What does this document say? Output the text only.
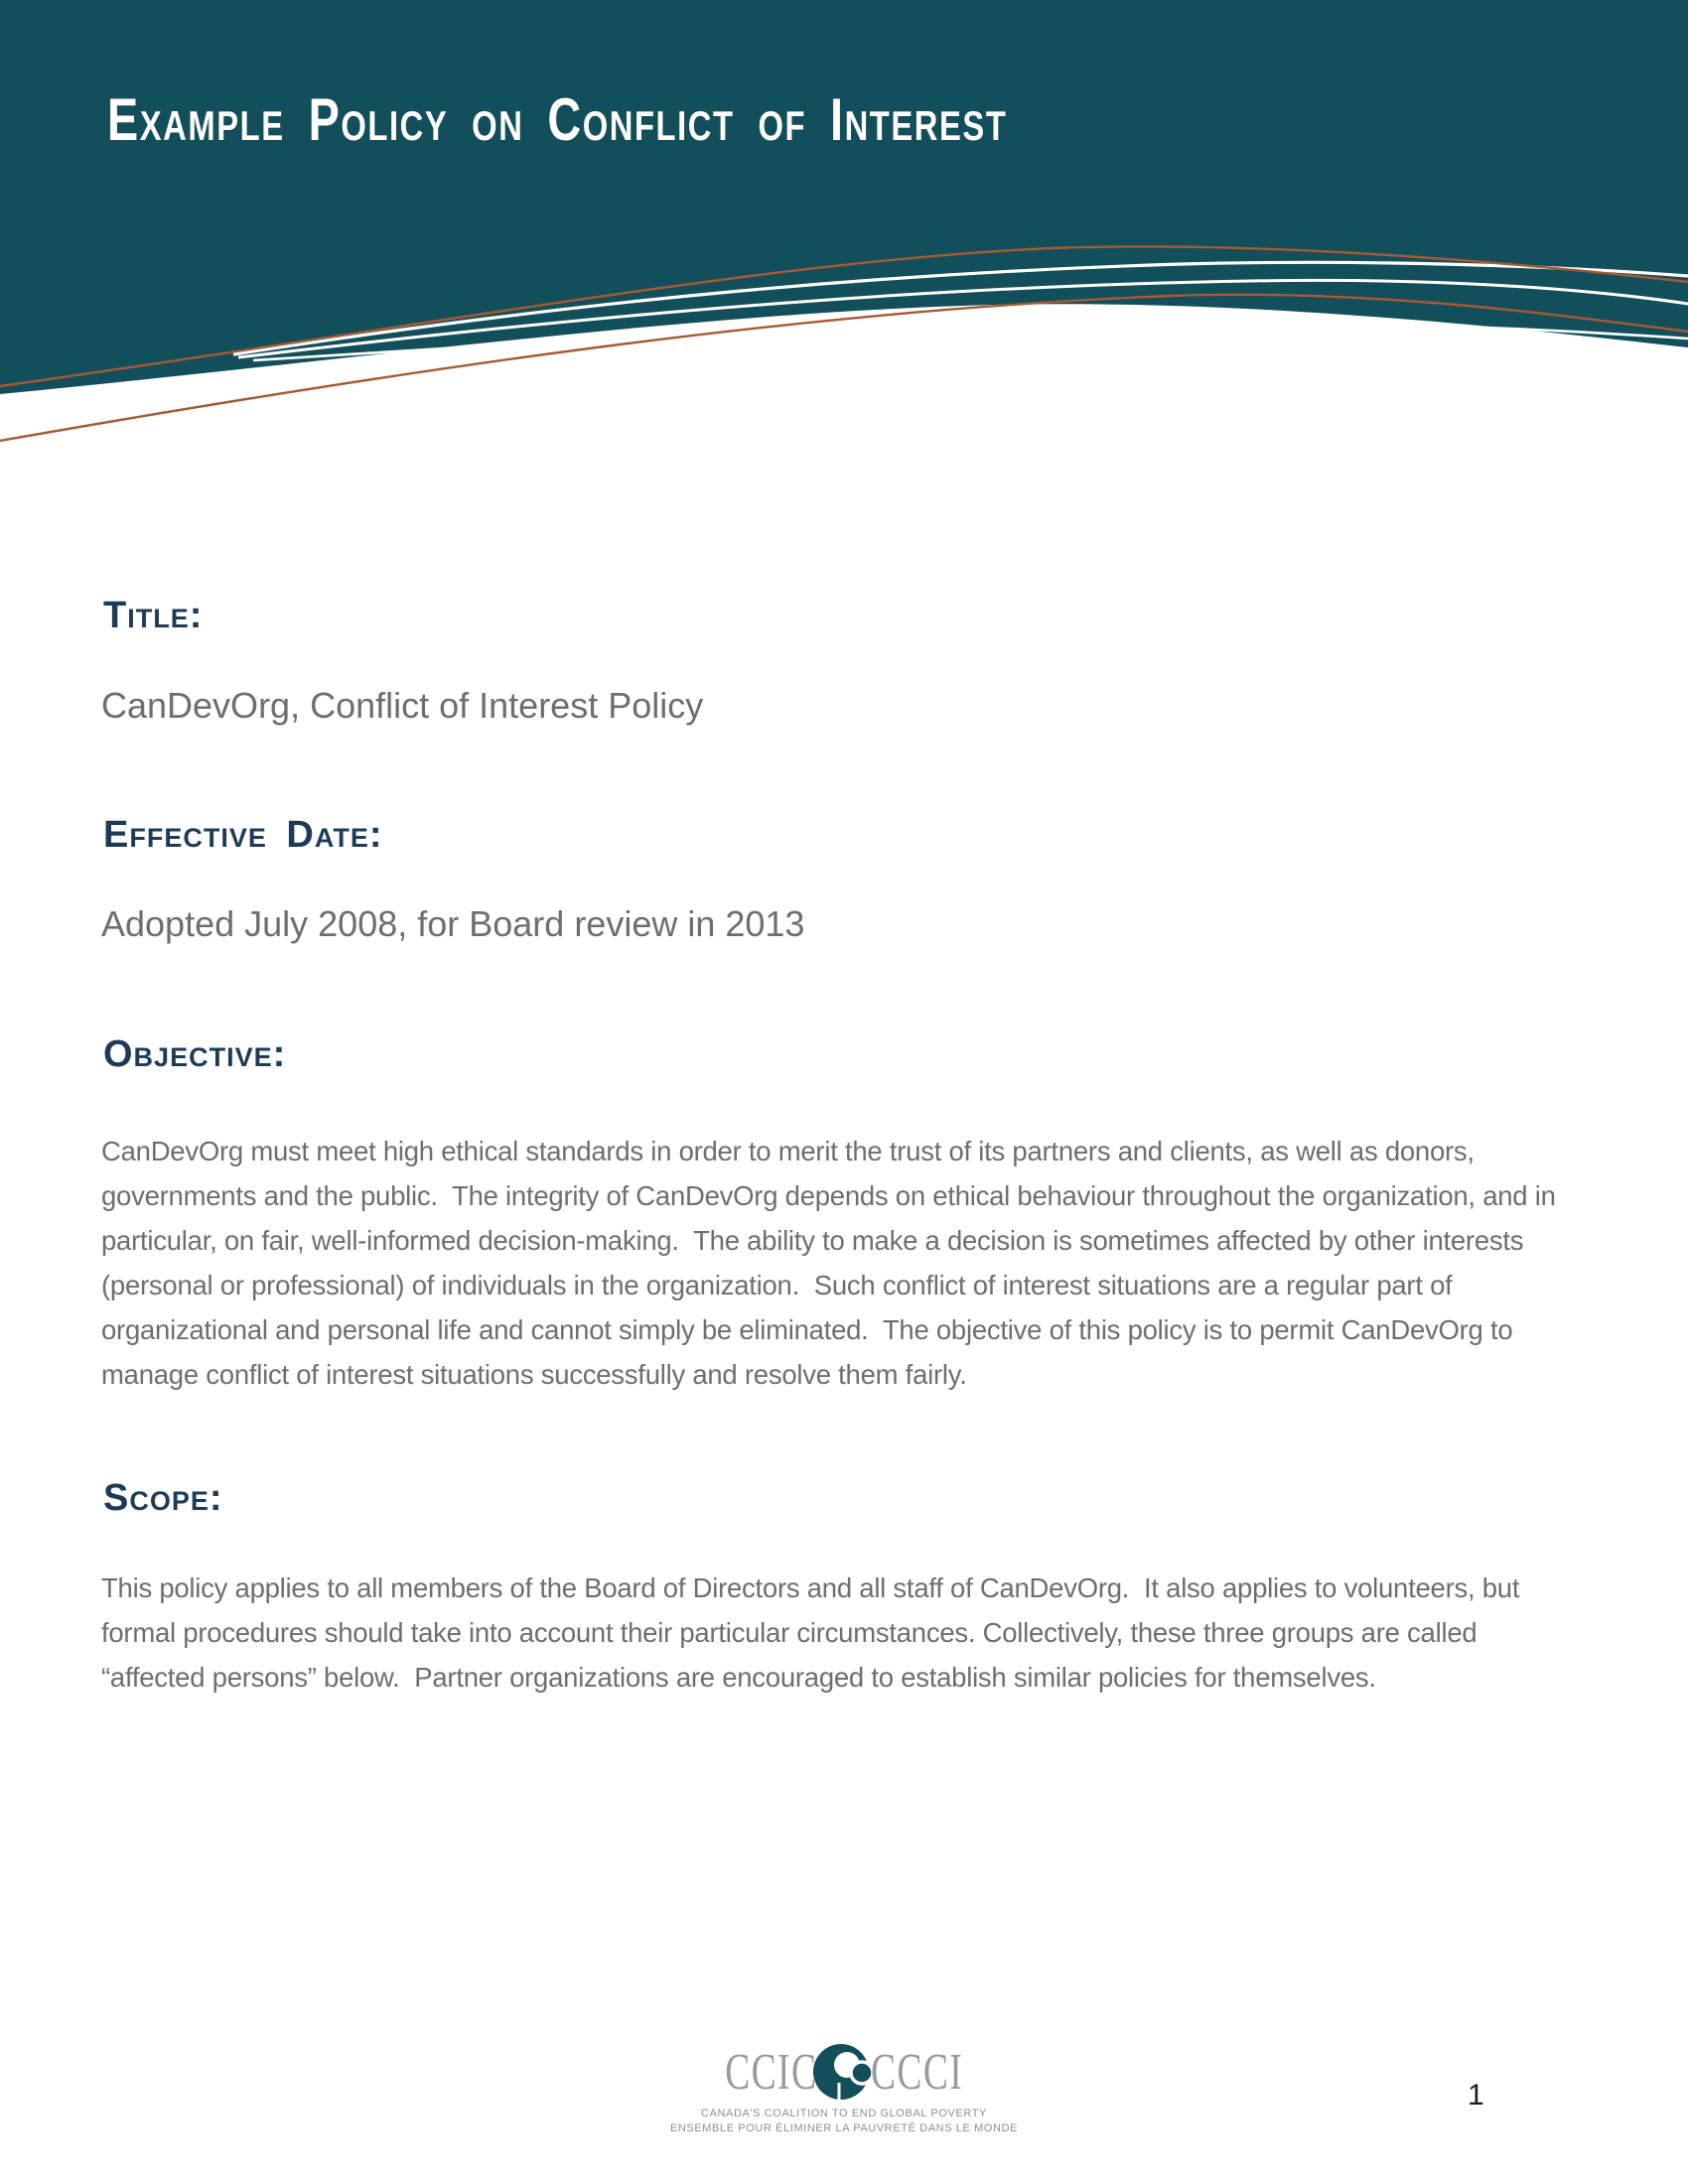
Example Policy on Conflict of Interest
Title:
CanDevOrg, Conflict of Interest Policy
Effective Date:
Adopted July 2008, for Board review in 2013
Objective:
CanDevOrg must meet high ethical standards in order to merit the trust of its partners and clients, as well as donors, governments and the public.  The integrity of CanDevOrg depends on ethical behaviour throughout the organization, and in particular, on fair, well-informed decision-making.  The ability to make a decision is sometimes affected by other interests (personal or professional) of individuals in the organization.  Such conflict of interest situations are a regular part of organizational and personal life and cannot simply be eliminated.  The objective of this policy is to permit CanDevOrg to manage conflict of interest situations successfully and resolve them fairly.
Scope:
This policy applies to all members of the Board of Directors and all staff of CanDevOrg.  It also applies to volunteers, but formal procedures should take into account their particular circumstances. Collectively, these three groups are called “affected persons” below.  Partner organizations are encouraged to establish similar policies for themselves.
CCIC CCCI
CANADA'S COALITION TO END GLOBAL POVERTY
ENSEMBLE POUR ÉLIMINER LA PAUVRETÉ DANS LE MONDE
1
